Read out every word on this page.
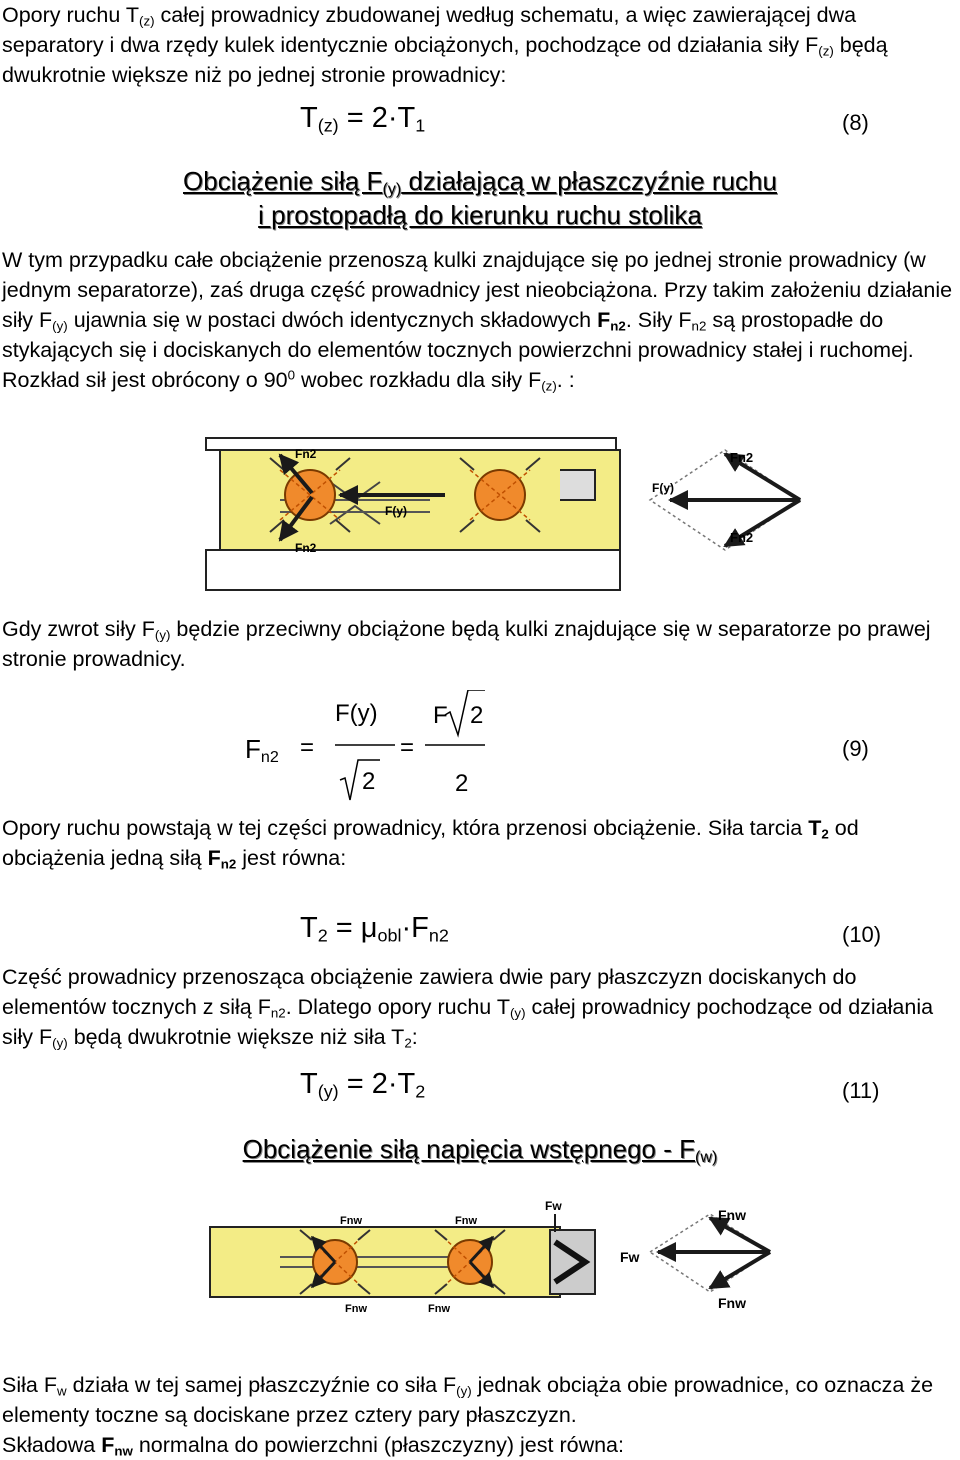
Opory ruchu $T_{(z)}$ całej prowadnicy zbudowanej według schematu, a więc zawierającej dwa separatory i dwa rzędy kulek identycznie obciążonych, pochodzące od działania siły $F_{(z)}$ będą dwukrotnie większe niż po jednej stronie prowadnicy:

$T_{(z)} = 2\cdot T_1$	(8)
Obciążenie siłą $F_{(y)}$ działającą w płaszczyźnie ruchu
i prostopadłą do kierunku ruchu stolika

W tym przypadku całe obciążenie przenoszą kulki znajdujące się po jednej stronie prowadnicy (w jednym separatorze), zaś druga część prowadnicy jest nieobciążona. Przy takim założeniu działanie siły $F_{(y)}$ ujawnia się w postaci dwóch identycznych składowych $F_{n2}$. Siły $F_{n2}$ są prostopadłe do stykających się i dociskanych do elementów tocznych powierzchni prowadnicy stałej i ruchomej. Rozkład sił jest obrócony o $90^0$ wobec rozkładu dla siły $F_{(z)}$. :

Fn2
Fn2
F(y)
Fn2
F(y)
Fn2

Gdy zwrot siły $F_{(y)}$ będzie przeciwny obciążone będą kulki znajdujące się w separatorze po prawej stronie prowadnicy.

$F_{n2}$ =
F(y)
2
=
F 2
2
(9)

Opory ruchu powstają w tej części prowadnicy, która przenosi obciążenie. Siła tarcia $T_2$ od obciążenia jedną siłą $F_{n2}$ jest równa:

$T_2 = \mu_{obl}\cdot F_{n2}$	(10)

Część prowadnicy przenosząca obciążenie zawiera dwie pary płaszczyzn dociskanych do elementów tocznych z siłą $F_{n2}$. Dlatego opory ruchu $T_{(y)}$ całej prowadnicy pochodzące od działania siły $F_{(y)}$ będą dwukrotnie większe niż siła $T_2$:

$T_{(y)} = 2\cdot T_2$	(11)
Obciążenie siłą napięcia wstępnego - $F_{(w)}$
Fnw	Fnw
Fnw	Fnw
Fw
Fnw
Fw
Fnw

Siła $F_w$ działa w tej samej płaszczyźnie co siła $F_{(y)}$ jednak obciąża obie prowadnice, co oznacza że elementy toczne są dociskane przez cztery pary płaszczyzn.
Składowa $F_{nw}$ normalna do powierzchni (płaszczyzny) jest równa:
